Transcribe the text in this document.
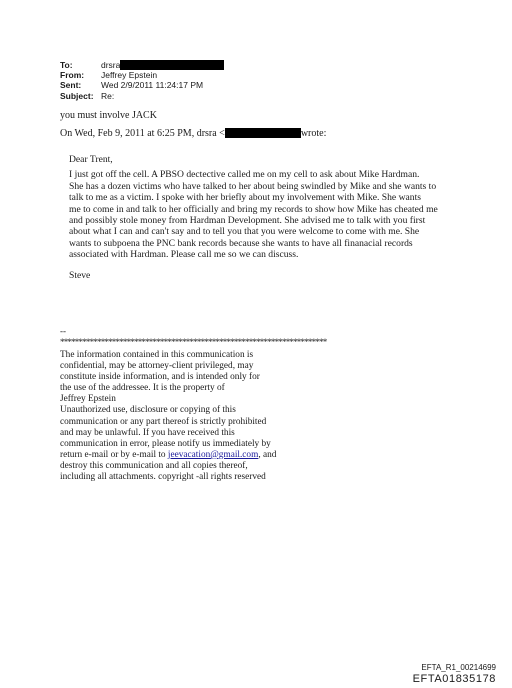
To:	drsra
From:	Jeffrey Epstein
Sent:	Wed 2/9/2011 11:24:17 PM
Subject: Re:
you must involve JACK
On Wed, Feb 9, 2011 at 6:25 PM, drsra <	wrote:

Dear Trent,

I just got off the cell. A PBSO dectective called me on my cell to ask about Mike Hardman.

She has a dozen victims who have talked to her about being swindled by Mike and she wants to

talk to me as a victim. I spoke with her briefly about my involvement with Mike. She wants

me to come in and talk to her officially and bring my records to show how Mike has cheated me

and possibly stole money from Hardman Development. She advised me to talk with you first

about what I can and can't say and to tell you that you were welcome to come with me. She

wants to subpoena the PNC bank records because she wants to have all finanacial records

associated with Hardman. Please call me so we can discuss.

Steve
--
************************************************************************

The information contained in this communication is

confidential, may be attorney-client privileged, may

constitute inside information, and is intended only for

the use of the addressee. It is the property of

Jeffrey Epstein

Unauthorized use, disclosure or copying of this

communication or any part thereof is strictly prohibited

and may be unlawful. If you have received this

communication in error, please notify us immediately by

return e-mail or by e-mail to jeevacation@gmail.com, and

destroy this communication and all copies thereof,

including all attachments. copyright -all rights reserved

EFTA_R1_00214699
EFTA01835178
